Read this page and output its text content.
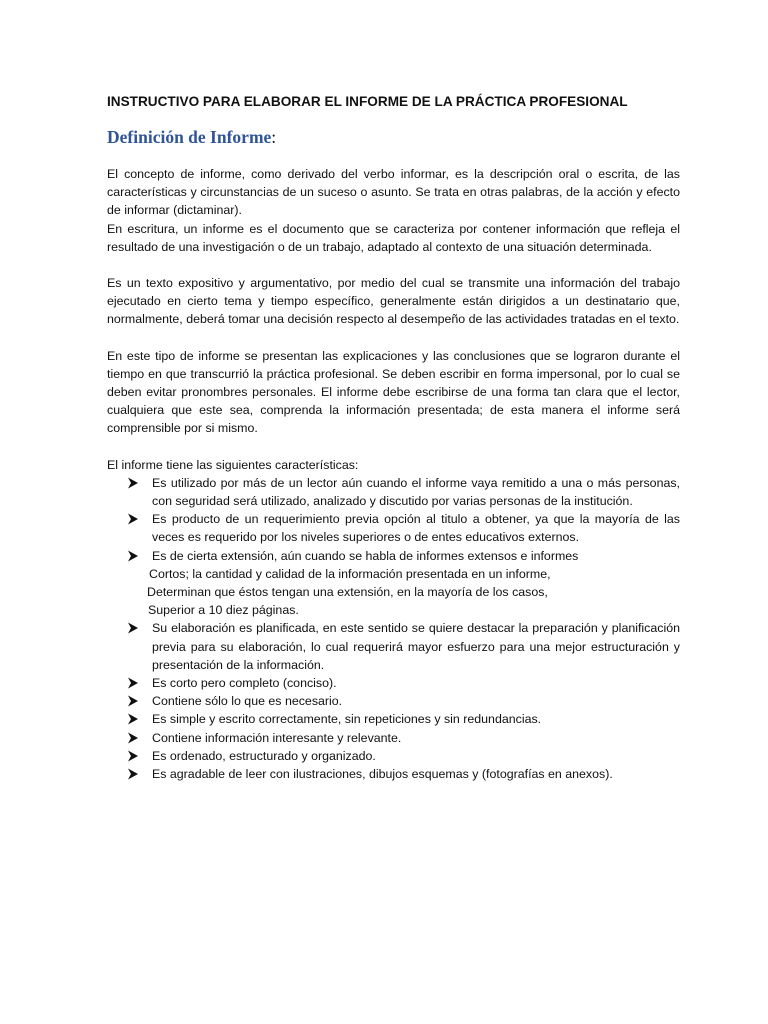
INSTRUCTIVO PARA ELABORAR EL INFORME DE LA PRÁCTICA PROFESIONAL
Definición de Informe:

El concepto de informe, como derivado del verbo informar, es la descripción oral o escrita, de las características y circunstancias de un suceso o asunto. Se trata en otras palabras, de la acción y efecto de informar (dictaminar).

En escritura, un informe es el documento que se caracteriza por contener información que refleja el resultado de una investigación o de un trabajo, adaptado al contexto de una situación determinada.

Es un texto expositivo y argumentativo, por medio del cual se transmite una información del trabajo ejecutado en cierto tema y tiempo específico, generalmente están dirigidos a un destinatario que, normalmente, deberá tomar una decisión respecto al desempeño de las actividades tratadas en el texto.

En este tipo de informe se presentan las explicaciones y las conclusiones que se lograron durante el tiempo en que transcurrió la práctica profesional. Se deben escribir en forma impersonal, por lo cual se deben evitar pronombres personales. El informe debe escribirse de una forma tan clara que el lector, cualquiera que este sea, comprenda la información presentada; de esta manera el informe será comprensible por si mismo.

El informe tiene las siguientes características:

Es utilizado por más de un lector aún cuando el informe vaya remitido a una o más personas, con seguridad será utilizado, analizado y discutido por varias personas de la institución.
Es producto de un requerimiento previa opción al titulo a obtener, ya que la mayoría de las veces es requerido por los niveles superiores o de entes educativos externos.
Es de cierta extensión, aún cuando se habla de informes extensos e informes
Cortos; la cantidad y calidad de la información presentada en un informe,
Determinan que éstos tengan una extensión, en la mayoría de los casos,
Superior a 10 diez páginas.
Su elaboración es planificada, en este sentido se quiere destacar la preparación y planificación previa para su elaboración, lo cual requerirá mayor esfuerzo para una mejor estructuración y presentación de la información.
Es corto pero completo (conciso).
Contiene sólo lo que es necesario.
Es simple y escrito correctamente, sin repeticiones y sin redundancias.
Contiene información interesante y relevante.
Es ordenado, estructurado y organizado.
Es agradable de leer con ilustraciones, dibujos esquemas y (fotografías en anexos).
